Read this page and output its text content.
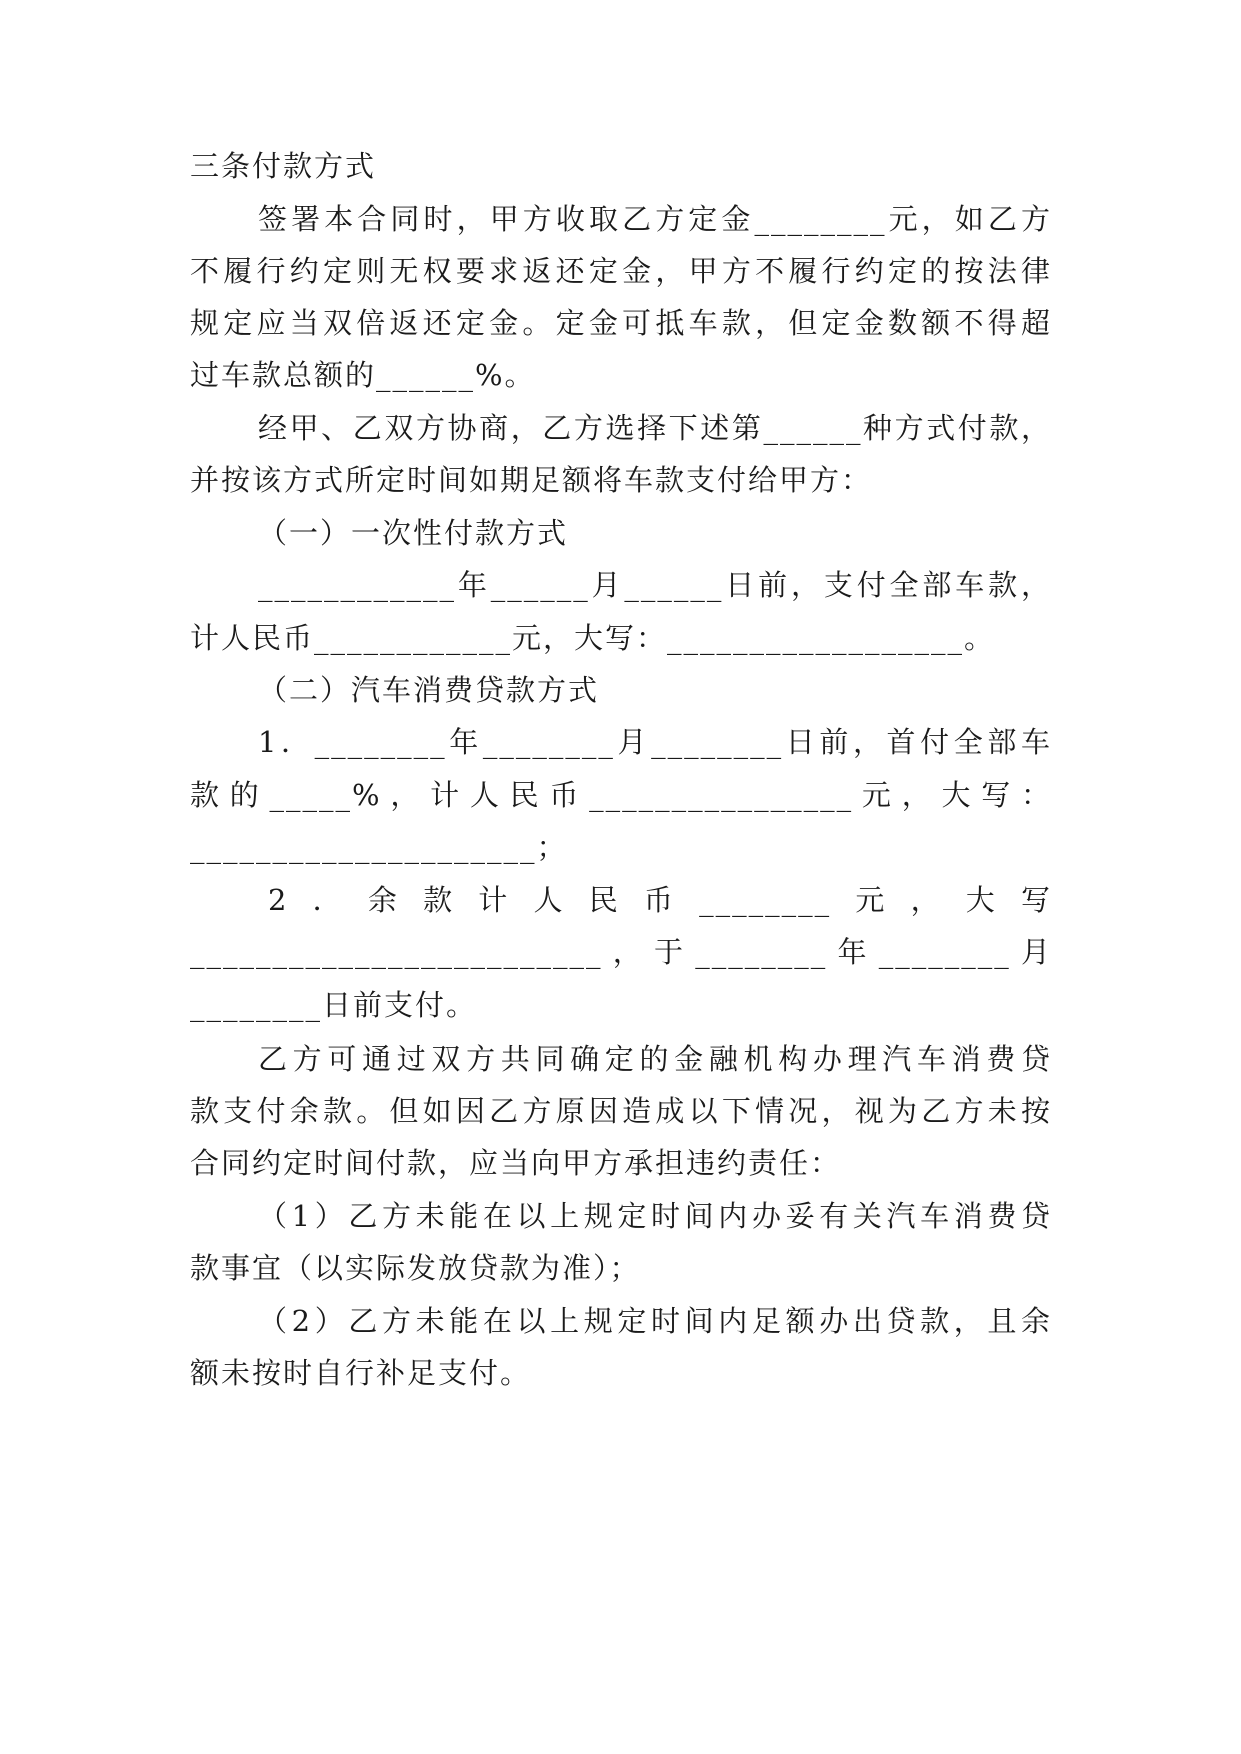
三条付款方式
签署本合同时，甲方收取乙方定金________元，如乙方
不履行约定则无权要求返还定金，甲方不履行约定的按法律
规定应当双倍返还定金。定金可抵车款，但定金数额不得超
过车款总额的______%。
经甲、乙双方协商，乙方选择下述第______种方式付款，
并按该方式所定时间如期足额将车款支付给甲方：
（一）一次性付款方式
____________年______月______日前，支付全部车款，
计人民币____________元，大写：__________________。
（二）汽车消费贷款方式
1．________年________月________日前，首付全部车
款的_____%，计人民币________________元，大写：
_____________________；
2．余款计人民币________元，大写
_________________________，于________年________月
________日前支付。
乙方可通过双方共同确定的金融机构办理汽车消费贷
款支付余款。但如因乙方原因造成以下情况，视为乙方未按
合同约定时间付款，应当向甲方承担违约责任：
（1）乙方未能在以上规定时间内办妥有关汽车消费贷
款事宜（以实际发放贷款为准）；
（2）乙方未能在以上规定时间内足额办出贷款，且余
额未按时自行补足支付。
